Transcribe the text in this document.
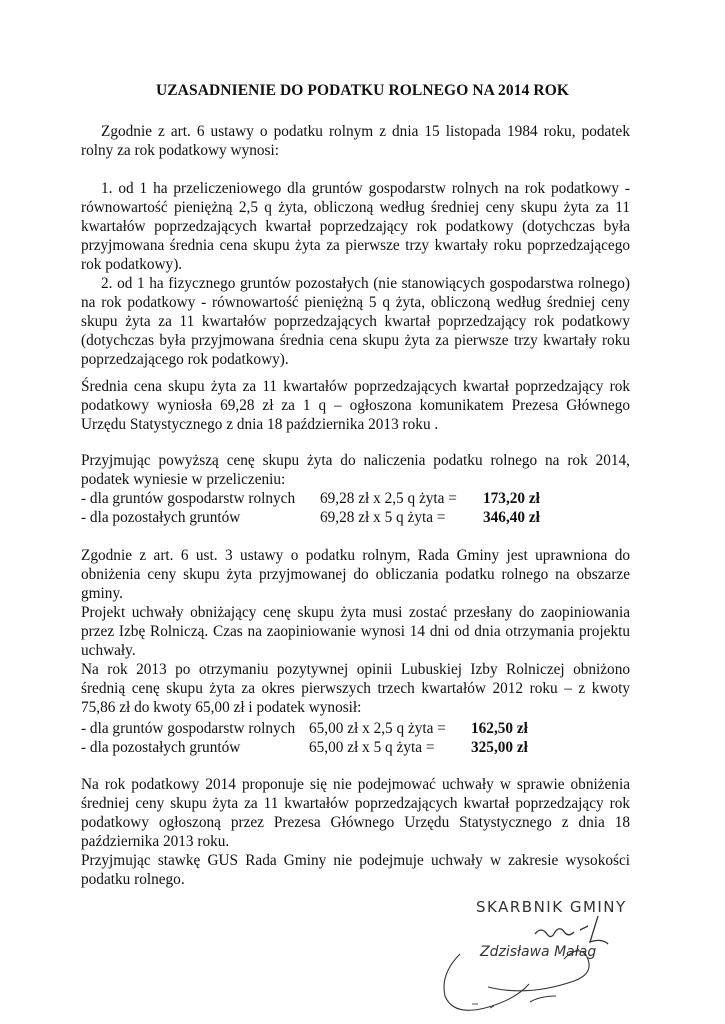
UZASADNIENIE DO PODATKU ROLNEGO NA 2014 ROK

Zgodnie z art. 6 ustawy o podatku rolnym z dnia 15 listopada 1984 roku, podatek rolny za rok podatkowy wynosi:

1. od 1 ha przeliczeniowego dla gruntów gospodarstw rolnych na rok podatkowy - równowartość pieniężną 2,5 q żyta, obliczoną według średniej ceny skupu żyta za 11 kwartałów poprzedzających kwartał poprzedzający rok podatkowy (dotychczas była przyjmowana średnia cena skupu żyta za pierwsze trzy kwartały roku poprzedzającego rok podatkowy).

2. od 1 ha fizycznego gruntów pozostałych (nie stanowiących gospodarstwa rolnego) na rok podatkowy - równowartość pieniężną 5 q żyta, obliczoną według średniej ceny skupu żyta za 11 kwartałów poprzedzających kwartał poprzedzający rok podatkowy (dotychczas była przyjmowana średnia cena skupu żyta za pierwsze trzy kwartały roku poprzedzającego rok podatkowy).

Średnia cena skupu żyta za 11 kwartałów poprzedzających kwartał poprzedzający rok podatkowy wyniosła 69,28 zł za 1 q – ogłoszona komunikatem Prezesa Głównego Urzędu Statystycznego z dnia 18 października 2013 roku .

Przyjmując powyższą cenę skupu żyta do naliczenia podatku rolnego na rok 2014, podatek wyniesie w przeliczeniu:

- dla gruntów gospodarstw rolnych 69,28 zł x 2,5 q żyta = 173,20 zł
- dla pozostałych gruntów	69,28 zł x 5 q żyta = 346,40 zł

Zgodnie z art. 6 ust. 3 ustawy o podatku rolnym, Rada Gminy jest uprawniona do obniżenia ceny skupu żyta przyjmowanej do obliczania podatku rolnego na obszarze gminy.

Projekt uchwały obniżający cenę skupu żyta musi zostać przesłany do zaopiniowania przez Izbę Rolniczą. Czas na zaopiniowanie wynosi 14 dni od dnia otrzymania projektu uchwały.

Na rok 2013 po otrzymaniu pozytywnej opinii Lubuskiej Izby Rolniczej obniżono średnią cenę skupu żyta za okres pierwszych trzech kwartałów 2012 roku – z kwoty 75,86 zł do kwoty 65,00 zł i podatek wynosił:

- dla gruntów gospodarstw rolnych 65,00 zł x 2,5 q żyta = 162,50 zł
- dla pozostałych gruntów	65,00 zł x 5 q żyta = 325,00 zł

Na rok podatkowy 2014 proponuje się nie podejmować uchwały w sprawie obniżenia średniej ceny skupu żyta za 11 kwartałów poprzedzających kwartał poprzedzający rok podatkowy ogłoszoną przez Prezesa Głównego Urzędu Statystycznego z dnia 18 października 2013 roku.

Przyjmując stawkę GUS Rada Gminy nie podejmuje uchwały w zakresie wysokości podatku rolnego.

SKARBNIK GMINY
Zdzisława Małag
